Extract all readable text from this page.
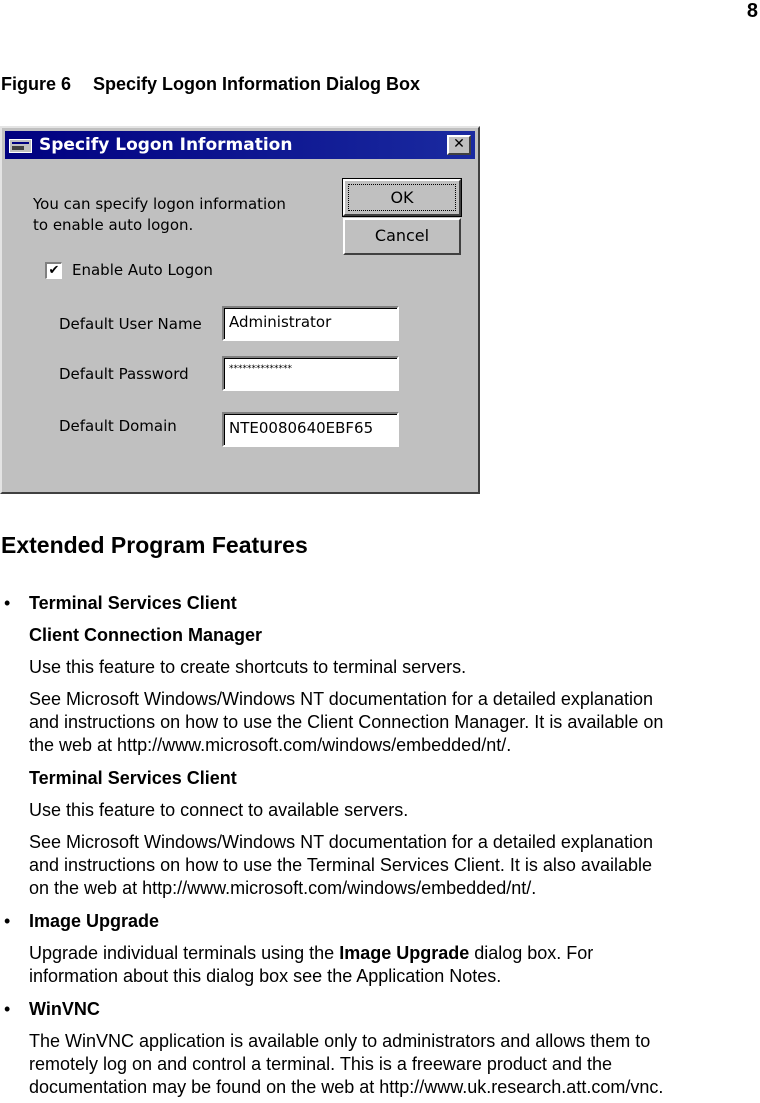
8
Figure 6 Specify Logon Information Dialog Box
Specify Logon Information	✕
You can specify logon information
to enable auto logon.
OK
Cancel
✔ Enable Auto Logon
Default User Name	Administrator
Default Password	**************
Default Domain	NTE0080640EBF65
Extended Program Features
• Terminal Services Client
Client Connection Manager
Use this feature to create shortcuts to terminal servers.
See Microsoft Windows/Windows NT documentation for a detailed explanation
and instructions on how to use the Client Connection Manager. It is available on
the web at http://www.microsoft.com/windows/embedded/nt/.
Terminal Services Client
Use this feature to connect to available servers.
See Microsoft Windows/Windows NT documentation for a detailed explanation
and instructions on how to use the Terminal Services Client. It is also available
on the web at http://www.microsoft.com/windows/embedded/nt/.
• Image Upgrade
Upgrade individual terminals using the Image Upgrade dialog box. For
information about this dialog box see the Application Notes.
• WinVNC
The WinVNC application is available only to administrators and allows them to
remotely log on and control a terminal. This is a freeware product and the
documentation may be found on the web at http://www.uk.research.att.com/vnc.
